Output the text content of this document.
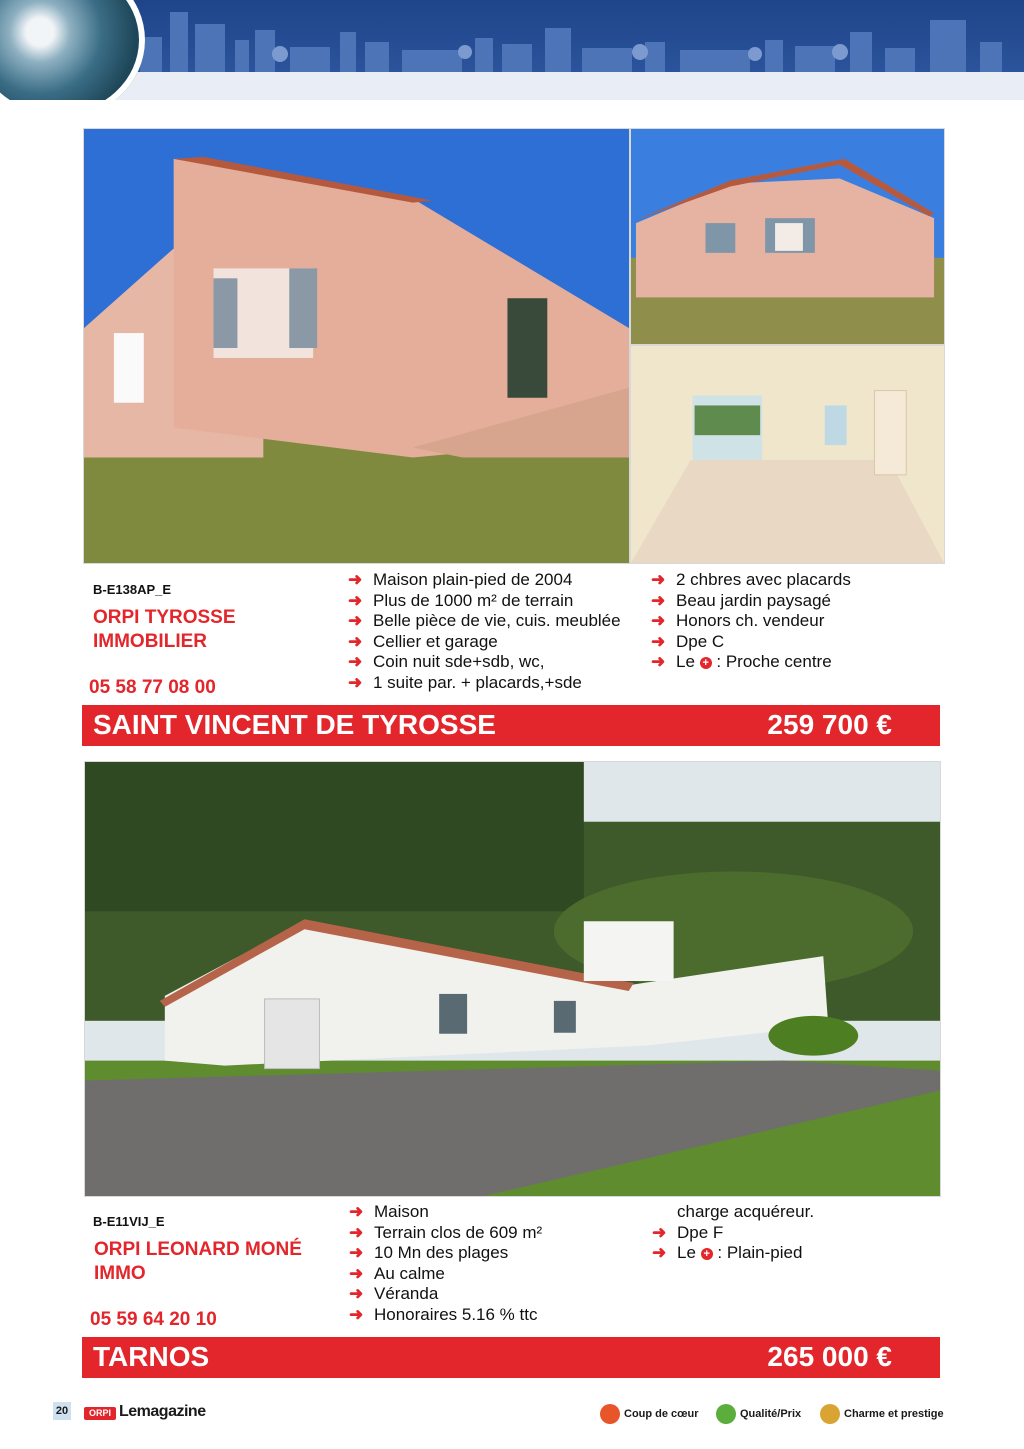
B-E138AP_E
ORPI TYROSSE
IMMOBILIER
05 58 77 08 00
➜ Maison plain-pied de 2004
➜ Plus de 1000 m² de terrain
➜ Belle pièce de vie, cuis. meublée
➜ Cellier et garage
➜ Coin nuit sde+sdb, wc,
➜ 1 suite par. + placards,+sde
➜ 2 chbres avec placards
➜ Beau jardin paysagé
➜ Honors ch. vendeur
➜ Dpe C
➜ Le + : Proche centre
SAINT VINCENT DE TYROSSE	259 700 €
B-E11VIJ_E
ORPI LEONARD MONÉ
IMMO
05 59 64 20 10
➜ Maison
➜ Terrain clos de 609 m²
➜ 10 Mn des plages
➜ Au calme
➜ Véranda
➜ Honoraires 5.16 % ttc
charge acquéreur.
➜ Dpe F
➜ Le + : Plain-pied
TARNOS	265 000 €
20	ORPI Lemagazine	Coup de cœur	Qualité/Prix	Charme et prestige
